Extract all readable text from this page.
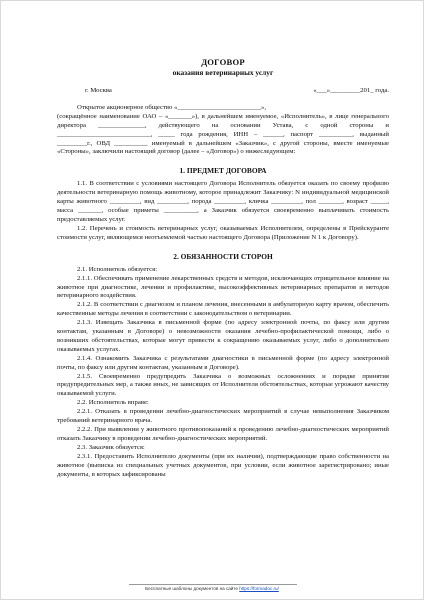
ДОГОВОР
оказания ветеринарных услуг
г. Москва	«___»_________201_ года.

Открытое акционерное общество «_________________________»,

(сокращённое наименование ОАО – «_______»), в дальнейшем именуемое, «Исполнитель», в лице генерального директора ______________, действующего на основании Устава, с одной стороны и ____________________________, _____ года рождения, ИНН – ______, паспорт __________, выданный _________г., ОВД __________ именуемый в дальнейшем «Заказчик», с другой стороны, вместе именуемые «Стороны», заключили настоящий договор (далее – «Договор») о нижеследующем:

1. ПРЕДМЕТ ДОГОВОРА

1.1. В соответствии с условиями настоящего Договора Исполнитель обязуется оказать по своему профилю деятельности ветеринарную помощь животному, которое принадлежит Заказчику: N индивидуальной медицинской карты животного _________, вид _________, порода _________, кличка _________, пол _______, возраст _____, масса _______, особые приметы __________, а Заказчик обязуется своевременно выплачивать стоимость предоставляемых услуг.

1.2. Перечень и стоимость ветеринарных услуг, оказываемых Исполнителем, определены в Прейскуранте стоимости услуг, являющемся неотъемлемой частью настоящего Договора (Приложение N 1 к Договору).

2. ОБЯЗАННОСТИ СТОРОН

2.1. Исполнитель обязуется:

2.1.1. Обеспечивать применение лекарственных средств и методов, исключающих отрицательное влияние на животное при диагностике, лечении и профилактике, высокоэффективных ветеринарных препаратов и методов ветеринарного воздействия.

2.1.2. В соответствии с диагнозом и планом лечения, внесенными в амбулаторную карту врачом, обеспечить качественные методы лечения в соответствии с законодательством о ветеринарии.

2.1.3. Извещать Заказчика в письменной форме (по адресу электронной почты, по факсу или другим контактам, указанным в Договоре) о невозможности оказания лечебно-профилактической помощи, либо о возникших обстоятельствах, которые могут привести к сокращению оказываемых услуг, либо о дополнительно оказываемых услугах.

2.1.4. Ознакомить Заказчика с результатами диагностики в письменной форме (по адресу электронной почты, по факсу или другим контактам, указанным в Договоре).

2.1.5. Своевременно предупредить Заказчика о возможных осложнениях и порядке принятия предупредительных мер, а также иных, не зависящих от Исполнителя обстоятельствах, которые угрожают качеству оказываемой услуги.

2.2. Исполнитель вправе:

2.2.1. Отказать в проведении лечебно-диагностических мероприятий в случае невыполнения Заказчиком требований ветеринарного врача.

2.2.2. При выявлении у животного противопоказаний к проведению лечебно-диагностических мероприятий отказать Заказчику в проведении лечебно-диагностических мероприятий.

2.3. Заказчик обязуется:

2.3.1. Предоставить Исполнителю документы (при их наличии), подтверждающие право собственности на животное (выписка из специальных учетных документов, при условии, если животное зарегистрировано; иные документы, в которых зафиксированы

Бесплатные шаблоны документов на сайте https://formadoc.ru/
